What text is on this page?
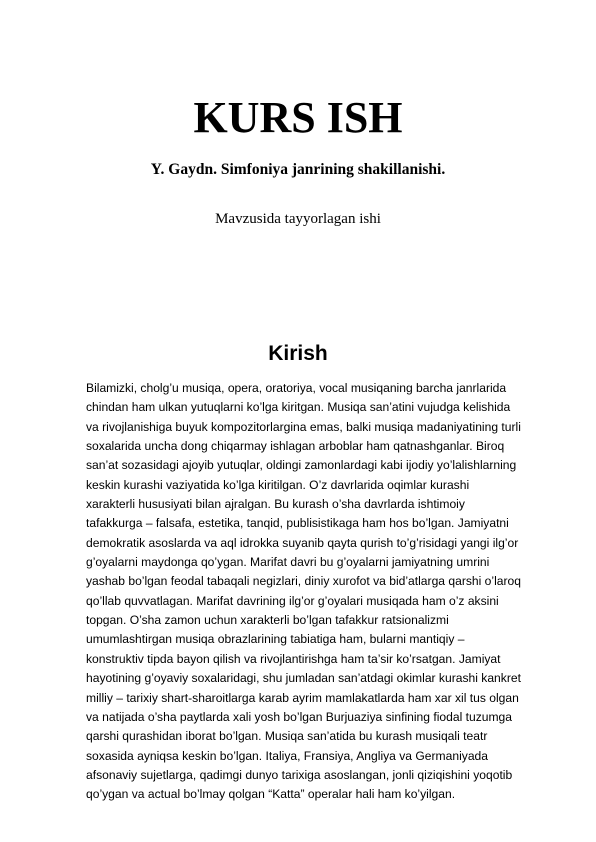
KURS ISH

Y. Gaydn. Simfoniya janrining shakillanishi.

Mavzusida tayyorlagan ishi

Kirish
Bilamizki, cholg’u musiqa, opera, oratoriya, vocal musiqaning barcha janrlarida
chindan ham ulkan yutuqlarni ko’lga kiritgan. Musiqa san’atini vujudga kelishida
va rivojlanishiga buyuk kompozitorlargina emas, balki musiqa madaniyatining turli
soxalarida uncha dong chiqarmay ishlagan arboblar ham qatnashganlar. Biroq
san’at sozasidagi ajoyib yutuqlar, oldingi zamonlardagi kabi ijodiy yo’lalishlarning
keskin kurashi vaziyatida ko’lga kiritilgan. O’z davrlarida oqimlar kurashi
xarakterli hususiyati bilan ajralgan. Bu kurash o’sha davrlarda ishtimoiy
tafakkurga – falsafa, estetika, tanqid, publisistikaga ham hos bo’lgan. Jamiyatni
demokratik asoslarda va aql idrokka suyanib qayta qurish to’g’risidagi yangi ilg’or
g’oyalarni maydonga qo’ygan. Marifat davri bu g’oyalarni jamiyatning umrini
yashab bo’lgan feodal tabaqali negizlari, diniy xurofot va bid’atlarga qarshi o’laroq
qo’llab quvvatlagan. Marifat davrining ilg’or g’oyalari musiqada ham o’z aksini
topgan. O’sha zamon uchun xarakterli bo’lgan tafakkur ratsionalizmi
umumlashtirgan musiqa obrazlarining tabiatiga ham, bularni mantiqiy –
konstruktiv tipda bayon qilish va rivojlantirishga ham ta’sir ko’rsatgan. Jamiyat
hayotining g’oyaviy soxalaridagi, shu jumladan san’atdagi okimlar kurashi kankret
milliy – tarixiy shart-sharoitlarga karab ayrim mamlakatlarda ham xar xil tus olgan
va natijada o’sha paytlarda xali yosh bo’lgan Burjuaziya sinfining fiodal tuzumga
qarshi qurashidan iborat bo’lgan. Musiqa san’atida bu kurash musiqali teatr
soxasida ayniqsa keskin bo’lgan. Italiya, Fransiya, Angliya va Germaniyada
afsonaviy sujetlarga, qadimgi dunyo tarixiga asoslangan, jonli qiziqishini yoqotib
qo’ygan va actual bo’lmay qolgan “Katta” operalar hali ham ko’yilgan.
